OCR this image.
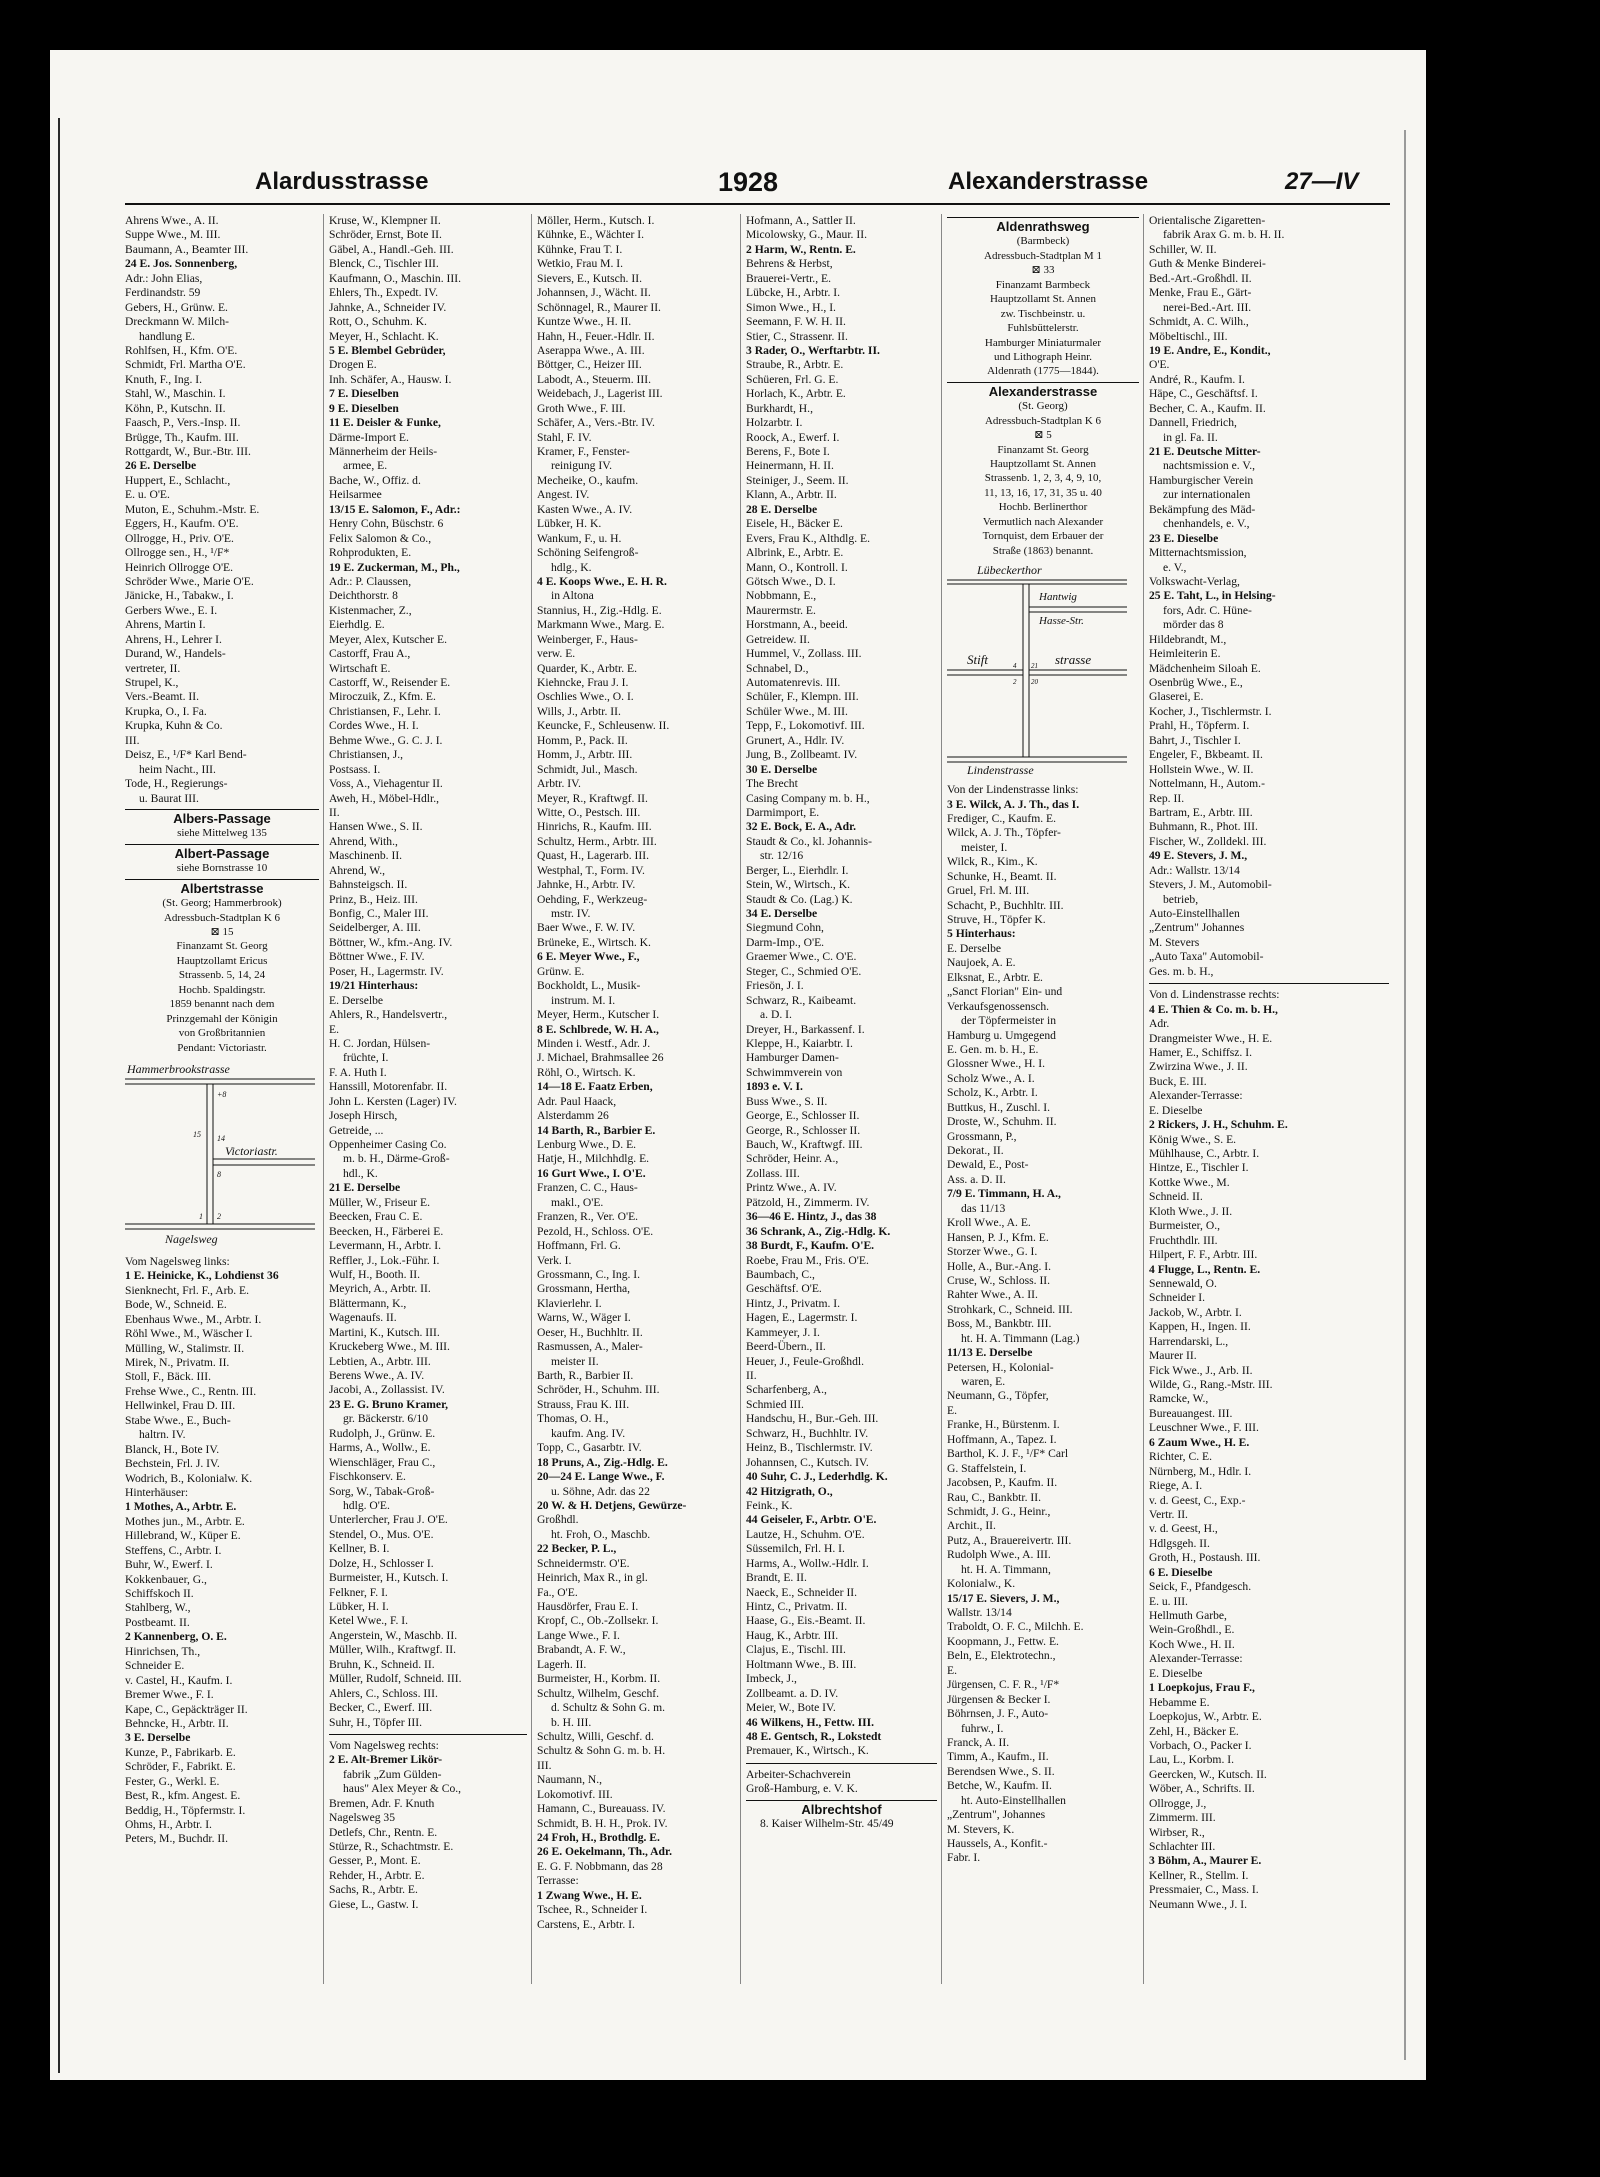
Alardusstrasse	1928	Alexanderstrasse	27—IV
Ahrens Wwe., A. II.
Suppe Wwe., M. III.
Baumann, A., Beamter III.
24 E. Jos. Sonnenberg,
Adr.: John Elias,
Ferdinandstr. 59
Gebers, H., Grünw. E.
Dreckmann W. Milch-
handlung E.
Rohlfsen, H., Kfm. O'E.
Schmidt, Frl. Martha O'E.
Knuth, F., Ing. I.
Stahl, W., Maschin. I.
Köhn, P., Kutschn. II.
Faasch, P., Vers.-Insp. II.
Brügge, Th., Kaufm. III.
Rottgardt, W., Bur.-Btr. III.
26 E. Derselbe
Huppert, E., Schlacht.,
E. u. O'E.
Muton, E., Schuhm.-Mstr. E.
Eggers, H., Kaufm. O'E.
Ollrogge, H., Priv. O'E.
Ollrogge sen., H., ¹/F*
Heinrich Ollrogge O'E.
Schröder Wwe., Marie O'E.
Jänicke, H., Tabakw., I.
Gerbers Wwe., E. I.
Ahrens, Martin I.
Ahrens, H., Lehrer I.
Durand, W., Handels-
vertreter, II.
Strupel, K.,
Vers.-Beamt. II.
Krupka, O., I. Fa.
Krupka, Kuhn & Co.
III.
Deisz, E., ¹/F* Karl Bend-
heim Nacht., III.
Tode, H., Regierungs-
u. Baurat III.
Albers-Passage
siehe Mittelweg 135
Albert-Passage
siehe Bornstrasse 10
Albertstrasse
(St. Georg; Hammerbrook)
Adressbuch-Stadtplan K 6
⊠ 15
Finanzamt St. Georg
Hauptzollamt Ericus
Strassenb. 5, 14, 24
Hochb. Spaldingstr.
1859 benannt nach dem
Prinzgemahl der Königin
von Großbritannien
Pendant: Victoriastr.
Hammerbrookstrasse
Victoriastr.
Nagelsweg
+8
15 14
8
1 2
Vom Nagelsweg links:
1 E. Heinicke, K., Lohdienst 36
Sienknecht, Frl. F., Arb. E.
Bode, W., Schneid. E.
Ebenhaus Wwe., M., Arbtr. I.
Röhl Wwe., M., Wäscher I.
Mülling, W., Stalimstr. II.
Mirek, N., Privatm. II.
Stoll, F., Bäck. III.
Frehse Wwe., C., Rentn. III.
Hellwinkel, Frau D. III.
Stabe Wwe., E., Buch-
haltrn. IV.
Blanck, H., Bote IV.
Bechstein, Frl. J. IV.
Wodrich, B., Kolonialw. K.
Hinterhäuser:
1 Mothes, A., Arbtr. E.
Mothes jun., M., Arbtr. E.
Hillebrand, W., Küper E.
Steffens, C., Arbtr. I.
Buhr, W., Ewerf. I.
Kokkenbauer, G.,
Schiffskoch II.
Stahlberg, W.,
Postbeamt. II.
2 Kannenberg, O. E.
Hinrichsen, Th.,
Schneider E.
v. Castel, H., Kaufm. I.
Bremer Wwe., F. I.
Kape, C., Gepäckträger II.
Behncke, H., Arbtr. II.
3 E. Derselbe
Kunze, P., Fabrikarb. E.
Schröder, F., Fabrikt. E.
Fester, G., Werkl. E.
Best, R., kfm. Angest. E.
Beddig, H., Töpfermstr. I.
Ohms, H., Arbtr. I.
Peters, M., Buchdr. II.
Kruse, W., Klempner II.
Schröder, Ernst, Bote II.
Gäbel, A., Handl.-Geh. III.
Blenck, C., Tischler III.
Kaufmann, O., Maschin. III.
Ehlers, Th., Expedt. IV.
Jahnke, A., Schneider IV.
Rott, O., Schuhm. K.
Meyer, H., Schlacht. K.
5 E. Blembel Gebrüder,
Drogen E.
Inh. Schäfer, A., Hausw. I.
7 E. Dieselben
9 E. Dieselben
11 E. Deisler & Funke,
Därme-Import E.
Männerheim der Heils-
armee, E.
Bache, W., Offiz. d.
Heilsarmee
13/15 E. Salomon, F., Adr.:
Henry Cohn, Büschstr. 6
Felix Salomon & Co.,
Rohprodukten, E.
19 E. Zuckerman, M., Ph.,
Adr.: P. Claussen,
Deichthorstr. 8
Kistenmacher, Z.,
Eierhdlg. E.
Meyer, Alex, Kutscher E.
Castorff, Frau A.,
Wirtschaft E.
Castorff, W., Reisender E.
Miroczuik, Z., Kfm. E.
Christiansen, F., Lehr. I.
Cordes Wwe., H. I.
Behme Wwe., G. C. J. I.
Christiansen, J.,
Postsass. I.
Voss, A., Viehagentur II.
Aweh, H., Möbel-Hdlr.,
II.
Hansen Wwe., S. II.
Ahrend, With.,
Maschinenb. II.
Ahrend, W.,
Bahnsteigsch. II.
Prinz, B., Heiz. III.
Bonfig, C., Maler III.
Seidelberger, A. III.
Böttner, W., kfm.-Ang. IV.
Böttner Wwe., F. IV.
Poser, H., Lagermstr. IV.
19/21 Hinterhaus:
E. Derselbe
Ahlers, R., Handelsvertr.,
E.
H. C. Jordan, Hülsen-
früchte, I.
F. A. Huth I.
Hanssill, Motorenfabr. II.
John L. Kersten (Lager) IV.
Joseph Hirsch,
Getreide, ...
Oppenheimer Casing Co.
m. b. H., Därme-Groß-
hdl., K.
21 E. Derselbe
Müller, W., Friseur E.
Beecken, Frau C. E.
Beecken, H., Färberei E.
Levermann, H., Arbtr. I.
Reffler, J., Lok.-Führ. I.
Wulf, H., Booth. II.
Meyrich, A., Arbtr. II.
Blättermann, K.,
Wagenaufs. II.
Martini, K., Kutsch. III.
Kruckeberg Wwe., M. III.
Lebtien, A., Arbtr. III.
Berens Wwe., A. IV.
Jacobi, A., Zollassist. IV.
23 E. G. Bruno Kramer,
gr. Bäckerstr. 6/10
Rudolph, J., Grünw. E.
Harms, A., Wollw., E.
Wienschläger, Frau C.,
Fischkonserv. E.
Sorg, W., Tabak-Groß-
hdlg. O'E.
Unterlercher, Frau J. O'E.
Stendel, O., Mus. O'E.
Kellner, B. I.
Dolze, H., Schlosser I.
Burmeister, H., Kutsch. I.
Felkner, F. I.
Lübker, H. I.
Ketel Wwe., F. I.
Angerstein, W., Maschb. II.
Müller, Wilh., Kraftwgf. II.
Bruhn, K., Schneid. II.
Müller, Rudolf, Schneid. III.
Ahlers, C., Schloss. III.
Becker, C., Ewerf. III.
Suhr, H., Töpfer III.
Vom Nagelsweg rechts:
2 E. Alt-Bremer Likör-
fabrik „Zum Gülden-
haus" Alex Meyer & Co.,
Bremen, Adr. F. Knuth
Nagelsweg 35
Detlefs, Chr., Rentn. E.
Stürze, R., Schachtmstr. E.
Gesser, P., Mont. E.
Rehder, H., Arbtr. E.
Sachs, R., Arbtr. E.
Giese, L., Gastw. I.
Möller, Herm., Kutsch. I.
Kühnke, E., Wächter I.
Kühnke, Frau T. I.
Wetkio, Frau M. I.
Sievers, E., Kutsch. II.
Johannsen, J., Wächt. II.
Schönnagel, R., Maurer II.
Kuntze Wwe., H. II.
Hahn, H., Feuer.-Hdlr. II.
Aserappa Wwe., A. III.
Böttger, C., Heizer III.
Labodt, A., Steuerm. III.
Weidebach, J., Lagerist III.
Groth Wwe., F. III.
Schäfer, A., Vers.-Btr. IV.
Stahl, F. IV.
Kramer, F., Fenster-
reinigung IV.
Mecheike, O., kaufm.
Angest. IV.
Kasten Wwe., A. IV.
Lübker, H. K.
Wankum, F., u. H.
Schöning Seifengroß-
hdlg., K.
4 E. Koops Wwe., E. H. R.
in Altona
Stannius, H., Zig.-Hdlg. E.
Markmann Wwe., Marg. E.
Weinberger, F., Haus-
verw. E.
Quarder, K., Arbtr. E.
Kiehncke, Frau J. I.
Oschlies Wwe., O. I.
Wills, J., Arbtr. II.
Keuncke, F., Schleusenw. II.
Homm, P., Pack. II.
Homm, J., Arbtr. III.
Schmidt, Jul., Masch.
Arbtr. IV.
Meyer, R., Kraftwgf. II.
Witte, O., Pestsch. III.
Hinrichs, R., Kaufm. III.
Schultz, Herm., Arbtr. III.
Quast, H., Lagerarb. III.
Westphal, T., Form. IV.
Jahnke, H., Arbtr. IV.
Oehding, F., Werkzeug-
mstr. IV.
Baer Wwe., F. W. IV.
Brüneke, E., Wirtsch. K.
6 E. Meyer Wwe., F.,
Grünw. E.
Bockholdt, L., Musik-
instrum. M. I.
Meyer, Herm., Kutscher I.
8 E. Schlbrede, W. H. A.,
Minden i. Westf., Adr. J.
J. Michael, Brahmsallee 26
Röhl, O., Wirtsch. K.
14—18 E. Faatz Erben,
Adr. Paul Haack,
Alsterdamm 26
14 Barth, R., Barbier E.
Lenburg Wwe., D. E.
Hatje, H., Milchhdlg. E.
16 Gurt Wwe., I. O'E.
Franzen, C. C., Haus-
makl., O'E.
Franzen, R., Ver. O'E.
Pezold, H., Schloss. O'E.
Hoffmann, Frl. G.
Verk. I.
Grossmann, C., Ing. I.
Grossmann, Hertha,
Klavierlehr. I.
Warns, W., Wäger I.
Oeser, H., Buchhltr. II.
Rasmussen, A., Maler-
meister II.
Barth, R., Barbier II.
Schröder, H., Schuhm. III.
Strauss, Frau K. III.
Thomas, O. H.,
kaufm. Ang. IV.
Topp, C., Gasarbtr. IV.
18 Pruns, A., Zig.-Hdlg. E.
20—24 E. Lange Wwe., F.
u. Söhne, Adr. das 22
20 W. & H. Detjens, Gewürze-
Großhdl.
ht. Froh, O., Maschb.
22 Becker, P. L.,
Schneidermstr. O'E.
Heinrich, Max R., in gl.
Fa., O'E.
Hausdörfer, Frau E. I.
Kropf, C., Ob.-Zollsekr. I.
Lange Wwe., F. I.
Brabandt, A. F. W.,
Lagerh. II.
Burmeister, H., Korbm. II.
Schultz, Wilhelm, Geschf.
d. Schultz & Sohn G. m.
b. H. III.
Schultz, Willi, Geschf. d.
Schultz & Sohn G. m. b. H.
III.
Naumann, N.,
Lokomotivf. III.
Hamann, C., Bureauass. IV.
Schmidt, B. H. H., Prok. IV.
24 Froh, H., Brothdlg. E.
26 E. Oekelmann, Th., Adr.
E. G. F. Nobbmann, das 28
Terrasse:
1 Zwang Wwe., H. E.
Tschee, R., Schneider I.
Carstens, E., Arbtr. I.
Hofmann, A., Sattler II.
Micolowsky, G., Maur. II.
2 Harm, W., Rentn. E.
Behrens & Herbst,
Brauerei-Vertr., E.
Lübcke, H., Arbtr. I.
Simon Wwe., H., I.
Seemann, F. W. H. II.
Stier, C., Strassenr. II.
3 Rader, O., Werftarbtr. II.
Straube, R., Arbtr. E.
Schüeren, Frl. G. E.
Horlach, K., Arbtr. E.
Burkhardt, H.,
Holzarbtr. I.
Roock, A., Ewerf. I.
Berens, F., Bote I.
Heinermann, H. II.
Steiniger, J., Seem. II.
Klann, A., Arbtr. II.
28 E. Derselbe
Eisele, H., Bäcker E.
Evers, Frau K., Althdlg. E.
Albrink, E., Arbtr. E.
Mann, O., Kontroll. I.
Götsch Wwe., D. I.
Nobbmann, E.,
Maurermstr. E.
Horstmann, A., beeid.
Getreidew. II.
Hummel, V., Zollass. III.
Schnabel, D.,
Automatenrevis. III.
Schüler, F., Klempn. III.
Schüler Wwe., M. III.
Tepp, F., Lokomotivf. III.
Grunert, A., Hdlr. IV.
Jung, B., Zollbeamt. IV.
30 E. Derselbe
The Brecht
Casing Company m. b. H.,
Darmimport, E.
32 E. Bock, E. A., Adr.
Staudt & Co., kl. Johannis-
str. 12/16
Berger, L., Eierhdlr. I.
Stein, W., Wirtsch., K.
Staudt & Co. (Lag.) K.
34 E. Derselbe
Siegmund Cohn,
Darm-Imp., O'E.
Graemer Wwe., C. O'E.
Steger, C., Schmied O'E.
Friesön, J. I.
Schwarz, R., Kaibeamt.
a. D. I.
Dreyer, H., Barkassenf. I.
Kleppe, H., Kaiarbtr. I.
Hamburger Damen-
Schwimmverein von
1893 e. V. I.
Buss Wwe., S. II.
George, E., Schlosser II.
George, R., Schlosser II.
Bauch, W., Kraftwgf. III.
Schröder, Heinr. A.,
Zollass. III.
Printz Wwe., A. IV.
Pätzold, H., Zimmerm. IV.
36—46 E. Hintz, J., das 38
36 Schrank, A., Zig.-Hdlg. K.
38 Burdt, F., Kaufm. O'E.
Roebe, Frau M., Fris. O'E.
Baumbach, C.,
Geschäftsf. O'E.
Hintz, J., Privatm. I.
Hagen, E., Lagermstr. I.
Kammeyer, J. I.
Beerd-Übern., II.
Heuer, J., Feule-Großhdl.
II.
Scharfenberg, A.,
Schmied III.
Handschu, H., Bur.-Geh. III.
Schwarz, H., Buchhltr. IV.
Heinz, B., Tischlermstr. IV.
Johannsen, C., Kutsch. IV.
40 Suhr, C. J., Lederhdlg. K.
42 Hitzigrath, O.,
Feink., K.
44 Geiseler, F., Arbtr. O'E.
Lautze, H., Schuhm. O'E.
Süssemilch, Frl. H. I.
Harms, A., Wollw.-Hdlr. I.
Brandt, E. II.
Naeck, E., Schneider II.
Hintz, C., Privatm. II.
Haase, G., Eis.-Beamt. II.
Haug, K., Arbtr. III.
Clajus, E., Tischl. III.
Holtmann Wwe., B. III.
Imbeck, J.,
Zollbeamt. a. D. IV.
Meier, W., Bote IV.
46 Wilkens, H., Fettw. III.
48 E. Gentsch, R., Lokstedt
Premauer, K., Wirtsch., K.
Arbeiter-Schachverein
Groß-Hamburg, e. V. K.
Albrechtshof
8. Kaiser Wilhelm-Str. 45/49
Aldenrathsweg
(Barmbeck)
Adressbuch-Stadtplan M 1
⊠ 33
Finanzamt Barmbeck
Hauptzollamt St. Annen
zw. Tischbeinstr. u.
Fuhlsbüttelerstr.
Hamburger Miniaturmaler
und Lithograph Heinr.
Aldenrath (1775—1844).
Alexanderstrasse
(St. Georg)
Adressbuch-Stadtplan K 6
⊠ 5
Finanzamt St. Georg
Hauptzollamt St. Annen
Strassenb. 1, 2, 3, 4, 9, 10,
11, 13, 16, 17, 31, 35 u. 40
Hochb. Berlinerthor
Vermutlich nach Alexander
Tornquist, dem Erbauer der
Straße (1863) benannt.
Lübeckerthor
Hantwig
Hasse-Str.
Stift	strasse
4 21
2 20
Lindenstrasse
Von der Lindenstrasse links:
3 E. Wilck, A. J. Th., das I.
Frediger, C., Kaufm. E.
Wilck, A. J. Th., Töpfer-
meister, I.
Wilck, R., Kim., K.
Schunke, H., Beamt. II.
Gruel, Frl. M. III.
Schacht, P., Buchhltr. III.
Struve, H., Töpfer K.
5 Hinterhaus:
E. Derselbe
Naujoek, A. E.
Elksnat, E., Arbtr. E.
„Sanct Florian" Ein- und
Verkaufsgenossensch.
der Töpfermeister in
Hamburg u. Umgegend
E. Gen. m. b. H., E.
Glossner Wwe., H. I.
Scholz Wwe., A. I.
Scholz, K., Arbtr. I.
Buttkus, H., Zuschl. I.
Droste, W., Schuhm. II.
Grossmann, P.,
Dekorat., II.
Dewald, E., Post-
Ass. a. D. II.
7/9 E. Timmann, H. A.,
das 11/13
Kroll Wwe., A. E.
Hansen, P. J., Kfm. E.
Storzer Wwe., G. I.
Holle, A., Bur.-Ang. I.
Cruse, W., Schloss. II.
Rahter Wwe., A. II.
Strohkark, C., Schneid. III.
Boss, M., Bankbtr. III.
ht. H. A. Timmann (Lag.)
11/13 E. Derselbe
Petersen, H., Kolonial-
waren, E.
Neumann, G., Töpfer,
E.
Franke, H., Bürstenm. I.
Hoffmann, A., Tapez. I.
Barthol, K. J. F., ¹/F* Carl
G. Staffelstein, I.
Jacobsen, P., Kaufm. II.
Rau, C., Bankbtr. II.
Schmidt, J. G., Heinr.,
Archit., II.
Putz, A., Brauereivertr. III.
Rudolph Wwe., A. III.
ht. H. A. Timmann,
Kolonialw., K.
15/17 E. Sievers, J. M.,
Wallstr. 13/14
Traboldt, O. F. C., Milchh. E.
Koopmann, J., Fettw. E.
Beln, E., Elektrotechn.,
E.
Jürgensen, C. F. R., ¹/F*
Jürgensen & Becker I.
Böhrnsen, J. F., Auto-
fuhrw., I.
Franck, A. II.
Timm, A., Kaufm., II.
Berendsen Wwe., S. II.
Betche, W., Kaufm. II.
ht. Auto-Einstellhallen
„Zentrum", Johannes
M. Stevers, K.
Haussels, A., Konfit.-
Fabr. I.
Orientalische Zigaretten-
fabrik Arax G. m. b. H. II.
Schiller, W. II.
Guth & Menke Binderei-
Bed.-Art.-Großhdl. II.
Menke, Frau E., Gärt-
nerei-Bed.-Art. III.
Schmidt, A. C. Wilh.,
Möbeltischl., III.
19 E. Andre, E., Kondit.,
O'E.
André, R., Kaufm. I.
Häpe, C., Geschäftsf. I.
Becher, C. A., Kaufm. II.
Dannell, Friedrich,
in gl. Fa. II.
21 E. Deutsche Mitter-
nachtsmission e. V.,
Hamburgischer Verein
zur internationalen
Bekämpfung des Mäd-
chenhandels, e. V.,
23 E. Dieselbe
Mitternachtsmission,
e. V.,
Volkswacht-Verlag,
25 E. Taht, L., in Helsing-
fors, Adr. C. Hüne-
mörder das 8
Hildebrandt, M.,
Heimleiterin E.
Mädchenheim Siloah E.
Osenbrüg Wwe., E.,
Glaserei, E.
Kocher, J., Tischlermstr. I.
Prahl, H., Töpferm. I.
Bahrt, J., Tischler I.
Engeler, F., Bkbeamt. II.
Hollstein Wwe., W. II.
Nottelmann, H., Autom.-
Rep. II.
Bartram, E., Arbtr. III.
Buhmann, R., Phot. III.
Fischer, W., Zolldekl. III.
49 E. Stevers, J. M.,
Adr.: Wallstr. 13/14
Stevers, J. M., Automobil-
betrieb,
Auto-Einstellhallen
„Zentrum" Johannes
M. Stevers
„Auto Taxa" Automobil-
Ges. m. b. H.,
Von d. Lindenstrasse rechts:
4 E. Thien & Co. m. b. H.,
Adr.
Drangmeister Wwe., H. E.
Hamer, E., Schiffsz. I.
Zwirzina Wwe., J. II.
Buck, E. III.
Alexander-Terrasse:
E. Dieselbe
2 Rickers, J. H., Schuhm. E.
König Wwe., S. E.
Mühlhause, C., Arbtr. I.
Hintze, E., Tischler I.
Kottke Wwe., M.
Schneid. II.
Kloth Wwe., J. II.
Burmeister, O.,
Fruchthdlr. III.
Hilpert, F. F., Arbtr. III.
4 Flugge, L., Rentn. E.
Sennewald, O.
Schneider I.
Jackob, W., Arbtr. I.
Kappen, H., Ingen. II.
Harrendarski, L.,
Maurer II.
Fick Wwe., J., Arb. II.
Wilde, G., Rang.-Mstr. III.
Ramcke, W.,
Bureauangest. III.
Leuschner Wwe., F. III.
6 Zaum Wwe., H. E.
Richter, C. E.
Nürnberg, M., Hdlr. I.
Riege, A. I.
v. d. Geest, C., Exp.-
Vertr. II.
v. d. Geest, H.,
Hdlgsgeh. II.
Groth, H., Postaush. III.
6 E. Dieselbe
Seick, F., Pfandgesch.
E. u. III.
Hellmuth Garbe,
Wein-Großhdl., E.
Koch Wwe., H. II.
Alexander-Terrasse:
E. Dieselbe
1 Loepkojus, Frau F.,
Hebamme E.
Loepkojus, W., Arbtr. E.
Zehl, H., Bäcker E.
Vorbach, O., Packer I.
Lau, L., Korbm. I.
Geercken, W., Kutsch. II.
Wöber, A., Schrifts. II.
Ollrogge, J.,
Zimmerm. III.
Wirbser, R.,
Schlachter III.
3 Böhm, A., Maurer E.
Kellner, R., Stellm. I.
Pressmaier, C., Mass. I.
Neumann Wwe., J. I.
